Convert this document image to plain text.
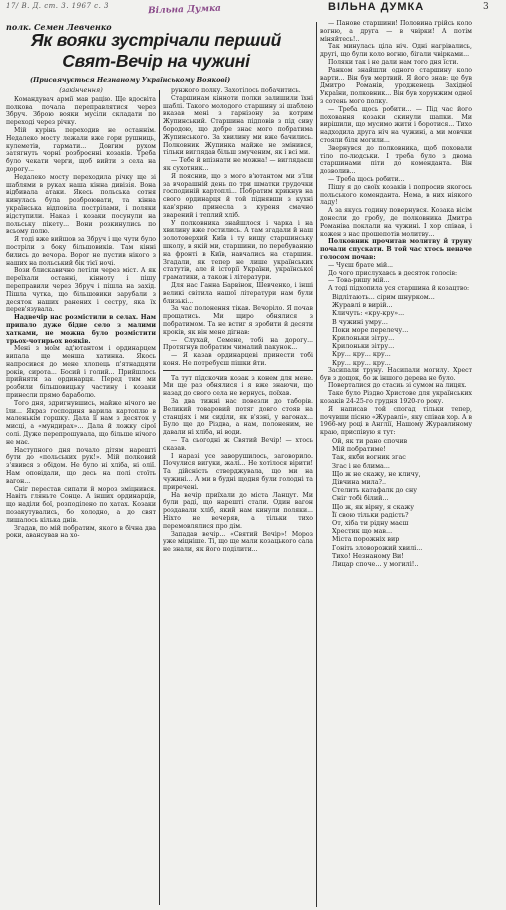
17/ В. Д. ст. 3. 1967 с. 3	Вільна Думка	ВІЛЬНА ДУМКА	3
полк. Семен Левченко
Як вояки зустрічали перший
Свят-Вечір на чужині
(Присвячується Незнаному Українському Воякові)
(закінчення)

Командувач армії мав рацію. Ще вдосвіта полкова почала переправлятися через Збруч. Зброю вояки мусіли складати по переході через річку.

Мій курінь переходив не останнім. Недалеко мосту лежали вже гори рушниць, кулеметів, гармати... Довгим рухом затягнуть чорні розброєнні козаків. Треба було чекати черги, щоб вийти з села на дорогу...

Недалеко мосту переходила річку ще зі шаблями в руках наша кінна дивізія. Вона відбивала атаки. Якесь польська сотня кинулась була розброювати, та кінна українська відповіла пострілами, і поляки відступили. Наказ і козаки посунули на польську пікету... Вони розкинулись по всьому полю.

Я тоді вже вийшов за Збруч і ще чути було постріли з боку більшовиків. Там кінні бились до вечора. Ворог не пустив нікого з наших на польський бік тієї ночі.

Вози блискавично летіли через міст. А як переїхали останні, кінноту і пішу переправили через Збруч і пішла на захід. Пішла чутка, що більшовики зарубали з десяток наших ранених і сестру, яка їх перев'язувала.

Надвечір нас розмістили в селах. Нам припало дуже бідне село з малими хатками, не можна було розмістити трьох-чотирьох вояків.

Мені з моїм ад'ютантом і ординарцем випала ще менша хатинка. Якось напросився до мене хлопець п'ятнадцяти років, сирота... Босий і голий... Прийшлось прийняти за ординарця. Перед тим ми розбили більшовицьку частину і козаки принесли прямо бараболю.

Того дня, здригнувшись, майже нічого не їли... Якраз господиня варила картоплю в маленькім горшку. Дала її нам з десяток у мисці, а «мундирах»... Дала й ложку сірої солі. Дуже перепрошувала, що більше нічого не має.

Наступного дня почало дітям нарешті бути до «польських рук!». Мій полковий з'явився з обідом. Не було ні хліба, ні олії. Нам оповідали, що десь на полі стоїть вагон...

Сніг перестав сипати й мороз зміцнився. Навіть гляньте Сонце. А інших ординарців, що наділи бої, розподілено по хатах. Козаки позакутувались, бо холодно, а до свят лишалось кілька днів.

Згадав, по мій побратим, якого в бічна два роки, авансував на хо-

рунжого полку. Захотілось побачитись.

Старшинам кінноти полки залишили їхні шаблі. Такого молодого старшину зі шаблею вказав мені з гарнізону за котрим Жупинський. Старшина підповів з під сиву бородою, що добре знає мого побратима Жупинського. За хвилину ми вже бачились. Полковник Жупинка майже не змінився, тільки виглядав більш змученим, як і всі ми.

— Тебе й впізнати не можна! — виглядаєш як сухотник...

Я пояснив, що з мого в'ютантом ми з'їли за вчорашній день по три шматки грудочки господиній картоплі... Побратим крикнув на свого ординарця й той піднявши з кухні кав'ярню принесла з куреня смачно зварений і теплий хліб.

У полковника знайшлося і чарка і на хвилину вже гостились. А там згадали й наш золотоверхий Київ і ту вищу старшинську школу, в якій ми, старшини, по перебуванню на фронті в Київ, навчались на старшин. Згадали, як тепер не лише українських статутів, але й історії України, української граматики, а також і літератури.

Для нас Ганна Барвінок, Шевченко, і інші великі світила нашої літератури нам були близькі...

За час полонення тікав. Вечоріло. Я почав прощатись. Ми щиро обнялися з побратимом. Та не встиг я зробити й десяти кроків, як він мене дігнав:

— Слухай, Семене, тобі на дорогу... Протягнув побратим чималий пакунок...

— Я казав ординарцеві принести тобі коня. Не потребуєш пішки йти.

Та тут підскочив козак з конем для мене. Ми ще раз обнялися і я вже знаючи, що назад до свого села не вернусь, поїхав.

За два тижні нас повезли до таборів. Великий товаровий потяг довго стояв на станціях і ми сиділи, як в'язні, у вагонах... Було ще до Різдва, а нам, полоненим, не давали ні хліба, ні води.

— Та сьогодні ж Святий Вечір! — хтось сказав.

І наразі усе заворушилось, заговорило. Почулися вигуки, жалі... Не хотілося вірити! Та дійсність стверджувала, що ми на чужині... А ми в будні щодня були голодні та приречені.

На вечір приїхали до міста Ланцут. Ми були раді, що нарешті стали. Один вагон роздавали хліб, який нам кинули поляки... Ніхто не вечеряв, а тільки тихо перемовлялися про дім.

Западав вечір... «Святий Вечір»! Мороз уже міцніше. Ті, що ще мали козацького сала не знали, як його поділити...

— Панове старшини! Половина грійсь коло вогню, а друга — в чвірки! А потім міняйтесь!..

Так минулась ціла ніч. Одні нагрівались, другі, що були коло вогню, бігали чвірками...

Поляки так і не дали нам того дня їсти.

Ранком знайшли одного старшину коло варти... Він був мертвий. Я його знав: це був Дмитро Романів, уродженець Західної України, полковник... Він був хорунжим одної з сотень мого полку.

— Треба щось робити... — Під час його поховання козаки скинули шапки. Ми вирішили, що мусимо жити і боротися... Тихо надходила друга ніч на чужині, а ми мовчки стояли біля могили...

Звернувся до полковника, щоб поховали тіло по-людськи. І треба було з двома старшинами піти до коменданта. Він дозволив...

— Треба щось робити...

Пішу я до своїх козаків і попросив якогось польського коменданта. Нема, в них ніякого ладу!

А за якусь годину повернувся. Козака вісім донесли до гробу, де полковника Дмитра Романіва поклали на чужині. І хор співав, і кожен з нас прошепотів молитву...

Полковник прочитав молитву й труну почали спускати. В той час хтось неначе голосом почав:

— Чуєш брате мій...

До чого прислухавсь в десяток голосів:

— Това-ришу мій...

А тоді підхопила уся старшина й козацтво:

Відлітають... сірим шнурком...
Журавлі в вирій...
Кличуть: «кру-кру»...
В чужині умру...
Поки море перелечу...
Крилоньки зітру...
Крилоньки зітру...
Кру... кру... кру...
Кру... кру... кру...

Засипали труну. Насипали могилу. Хрест був з дощок, бо ж іншого дерева не було.

Поверталися до стасиь зі сумом на лицях.

Таке було Різдво Христове для українських козаків 24-25-го грудня 1920-го року.

Я написав той спогад тільки тепер, почувши пісню «Журавлі», яку співав хор. А в 1966-му році в Англії, Нашому Журавлиному краю, приспівую я тут:

Ой, як ти рано спочив
Мій побратиме!
Так, якби вогник згас
Згас і не блима...
Що ж не скажу, не кличу,
Дівчина мила?..
Стелить катафалк до сну
Сніг тобі білий...
Що ж, як вірну, я скажу
Її свою тільки радість?
От, хіба ти рідну маєш
Хрестик що мав...
Міста порожніх вир
Гоніть зловорожий хвилі...
Тихо! Незнаному Ви!
Лицар споче... у могилі!..
